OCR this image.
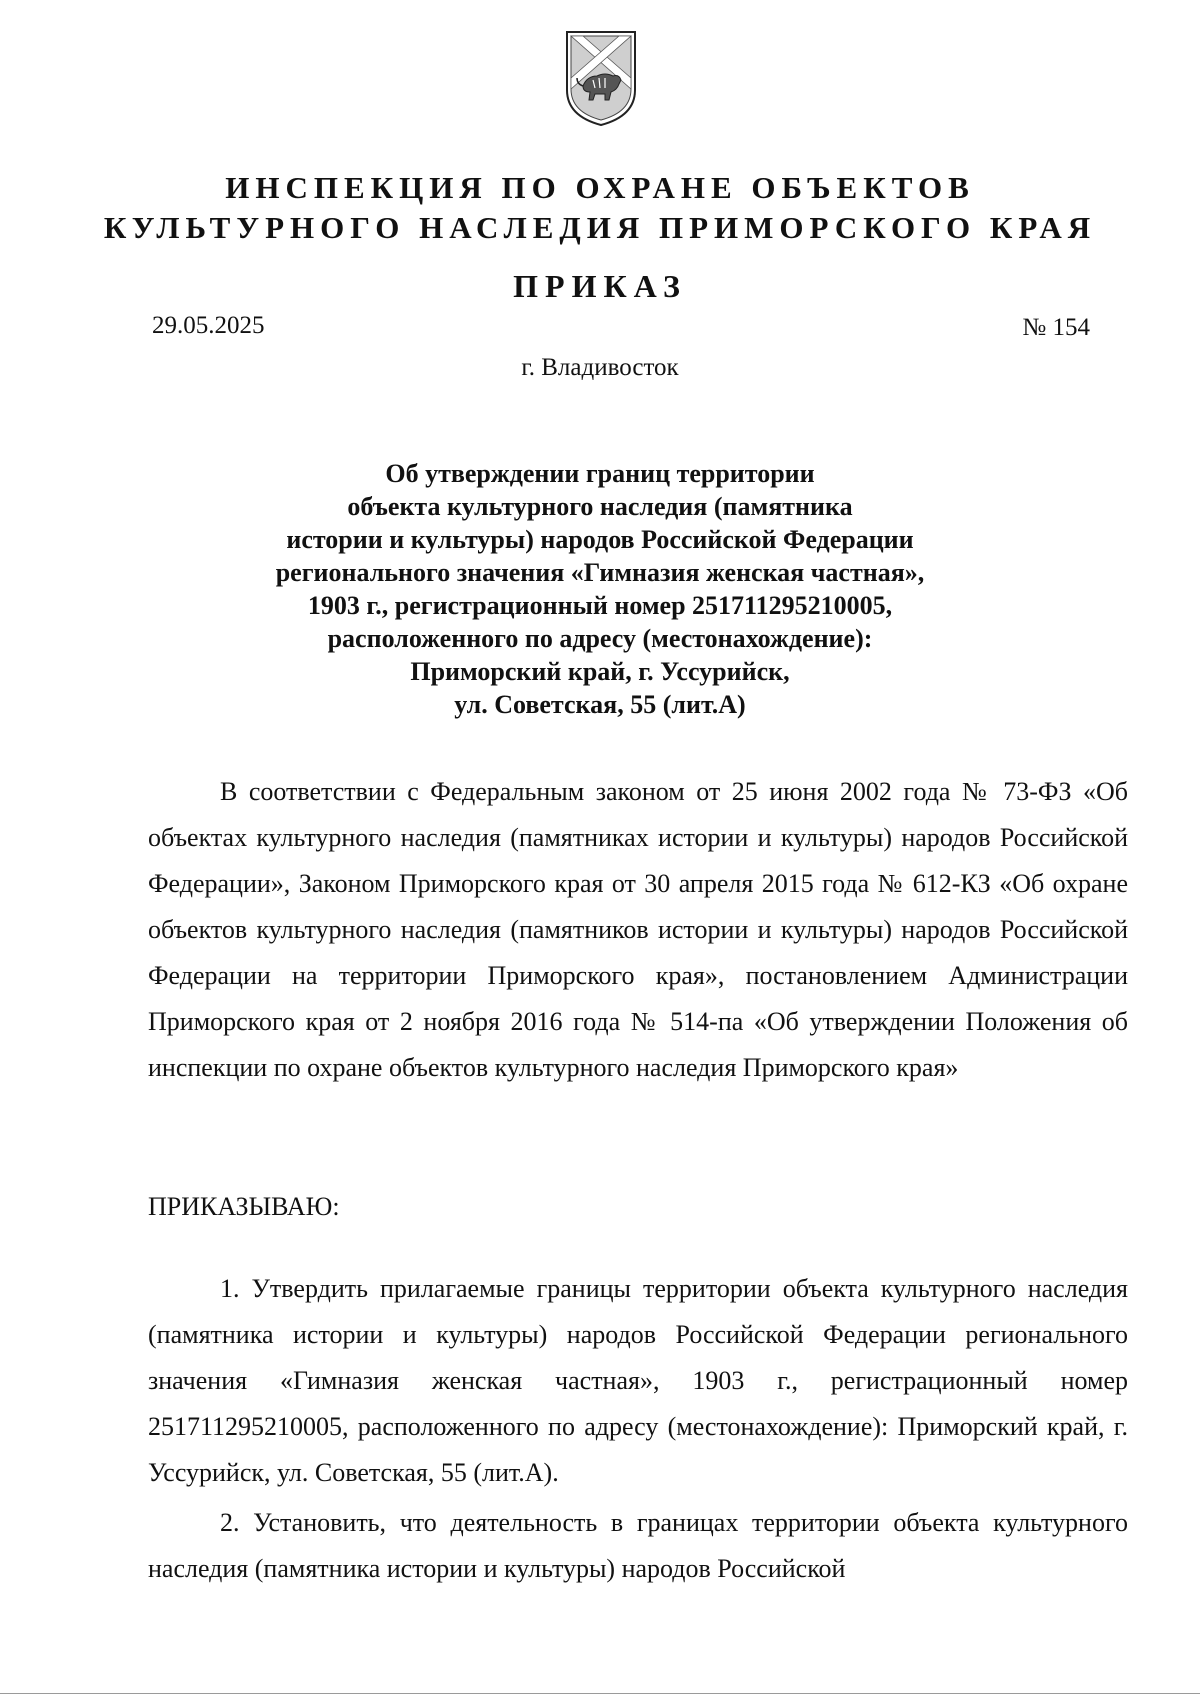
ИНСПЕКЦИЯ ПО ОХРАНЕ ОБЪЕКТОВ
КУЛЬТУРНОГО НАСЛЕДИЯ ПРИМОРСКОГО КРАЯ
ПРИКАЗ
29.05.2025	№ 154
г. Владивосток
Об утверждении границ территории
объекта культурного наследия (памятника
истории и культуры) народов Российской Федерации
регионального значения «Гимназия женская частная»,
1903 г., регистрационный номер 251711295210005,
расположенного по адресу (местонахождение):
Приморский край, г. Уссурийск,
ул. Советская, 55 (лит.А)
В соответствии с Федеральным законом от 25 июня 2002 года № 73-ФЗ «Об объектах культурного наследия (памятниках истории и культуры) народов Российской Федерации», Законом Приморского края от 30 апреля 2015 года № 612-КЗ «Об охране объектов культурного наследия (памятников истории и культуры) народов Российской Федерации на территории Приморского края», постановлением Администрации Приморского края от 2 ноября 2016 года № 514-па «Об утверждении Положения об инспекции по охране объектов культурного наследия Приморского края»
ПРИКАЗЫВАЮ:
1. Утвердить прилагаемые границы территории объекта культурного наследия (памятника истории и культуры) народов Российской Федерации регионального значения «Гимназия женская частная», 1903 г., регистрационный номер 251711295210005, расположенного по адресу (местонахождение): Приморский край, г. Уссурийск, ул. Советская, 55 (лит.А).
2. Установить, что деятельность в границах территории объекта культурного наследия (памятника истории и культуры) народов Российской
